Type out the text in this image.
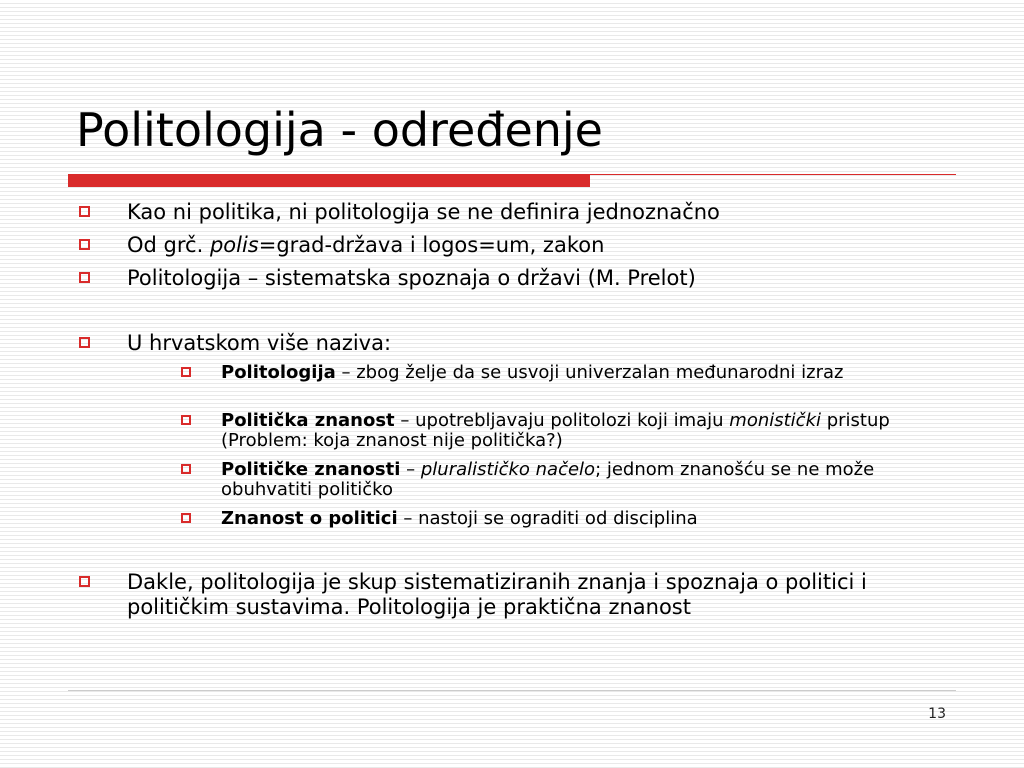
Politologija - određenje
Kao ni politika, ni politologija se ne definira jednoznačno
Od grč. polis=grad-država i logos=um, zakon
Politologija – sistematska spoznaja o državi (M. Prelot)
U hrvatskom više naziva:
Politologija – zbog želje da se usvoji univerzalan međunarodni izraz
Politička znanost – upotrebljavaju politolozi koji imaju monistički pristup (Problem: koja znanost nije politička?)
Političke znanosti – pluralističko načelo; jednom znanošću se ne može obuhvatiti političko
Znanost o politici – nastoji se ograditi od disciplina
Dakle, politologija je skup sistematiziranih znanja i spoznaja o politici i političkim sustavima. Politologija je praktična znanost
13
